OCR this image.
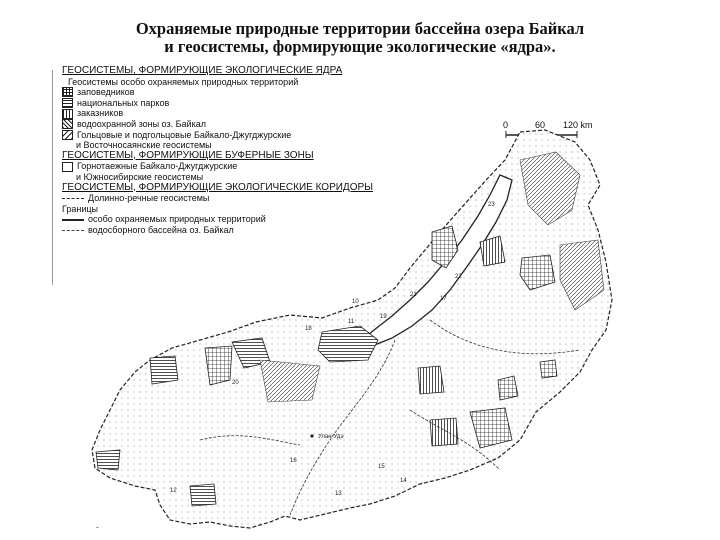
Охраняемые природные территории бассейна озера Байкал
и геосистемы, формирующие экологические «ядра».
ГЕОСИСТЕМЫ, ФОРМИРУЮЩИЕ ЭКОЛОГИЧЕСКИЕ ЯДРА
Геосистемы особо охраняемых природных территорий
заповедников
национальных парков
заказников
водоохранной зоны оз. Байкал
Гольцовые и подгольцовые Байкало-Джугджурские
и Восточносаянские геосистемы
ГЕОСИСТЕМЫ, ФОРМИРУЮЩИЕ БУФЕРНЫЕ ЗОНЫ
Горнотаежные Байкало-Джугджурские
и Южносибирские геосистемы
ГЕОСИСТЕМЫ, ФОРМИРУЮЩИЕ ЭКОЛОГИЧЕСКИЕ КОРИДОРЫ
Долинно-речные геосистемы
Границы
особо охраняемых природных территорий
водосборного бассейна оз. Байкал
0	60 120 km
10
11
12	13
14
15
16
17
18
19
20
21
22
23
Улан-Удэ
-
